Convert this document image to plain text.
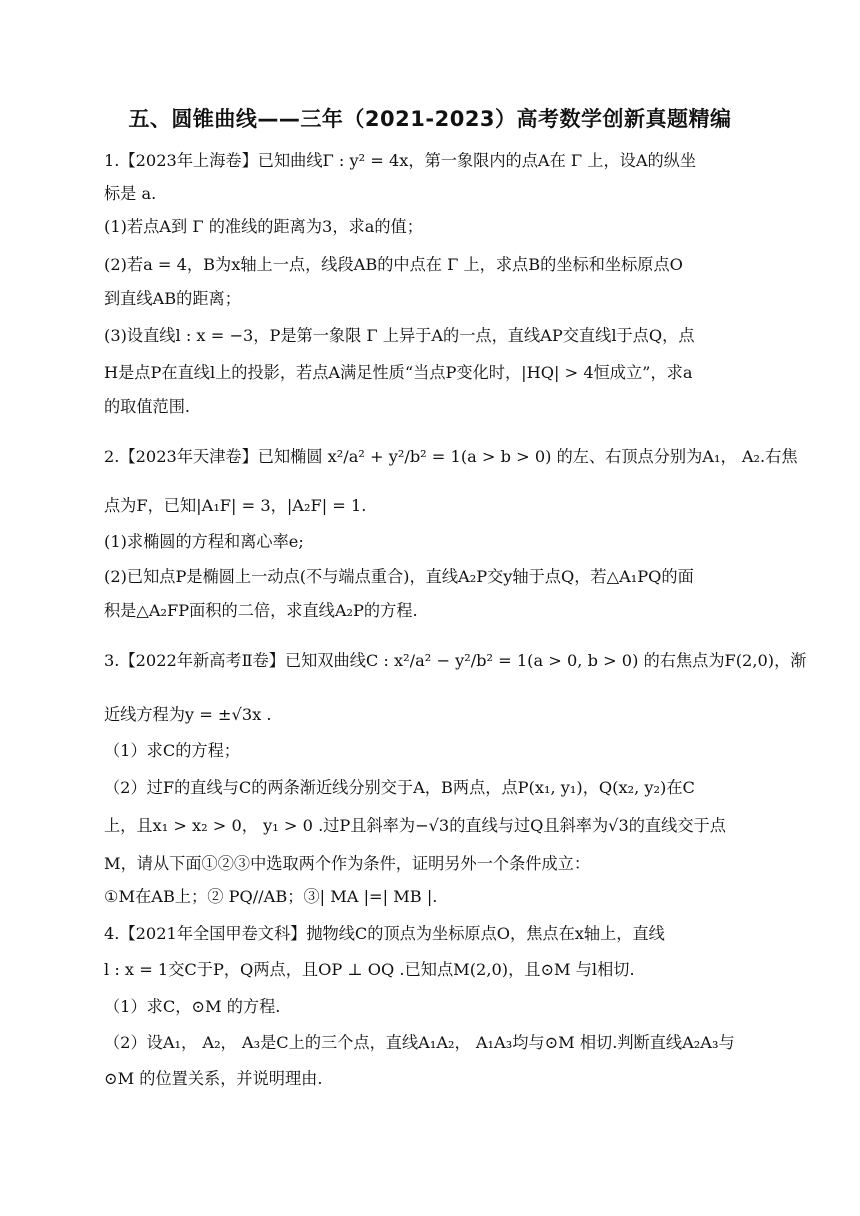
五、圆锥曲线——三年（2021-2023）高考数学创新真题精编
1.【2023年上海卷】已知曲线Γ : y² = 4x，第一象限内的点A在 Γ 上，设A的纵坐
标是 a.
(1)若点A到 Γ 的准线的距离为3，求a的值；
(2)若a = 4，B为x轴上一点，线段AB的中点在 Γ 上，求点B的坐标和坐标原点O
到直线AB的距离；
(3)设直线l : x = −3，P是第一象限 Γ 上异于A的一点，直线AP交直线l于点Q，点
H是点P在直线l上的投影，若点A满足性质“当点P变化时，|HQ| > 4恒成立”，求a
的取值范围.
2.【2023年天津卷】已知椭圆 x²/a² + y²/b² = 1(a > b > 0) 的左、右顶点分别为A₁， A₂.右焦
点为F，已知|A₁F| = 3，|A₂F| = 1.
(1)求椭圆的方程和离心率e;
(2)已知点P是椭圆上一动点(不与端点重合)，直线A₂P交y轴于点Q，若△A₁PQ的面
积是△A₂FP面积的二倍，求直线A₂P的方程.
3.【2022年新高考Ⅱ卷】已知双曲线C : x²/a² − y²/b² = 1(a > 0, b > 0) 的右焦点为F(2,0)，渐
近线方程为y = ±√3x .
（1）求C的方程；
（2）过F的直线与C的两条渐近线分别交于A，B两点，点P(x₁, y₁)，Q(x₂, y₂)在C
上，且x₁ > x₂ > 0， y₁ > 0 .过P且斜率为−√3的直线与过Q且斜率为√3的直线交于点
M，请从下面①②③中选取两个作为条件，证明另外一个条件成立：
①M在AB上；② PQ//AB；③| MA |=| MB |.
4.【2021年全国甲卷文科】抛物线C的顶点为坐标原点O，焦点在x轴上，直线
l : x = 1交C于P，Q两点，且OP ⊥ OQ .已知点M(2,0)，且⊙M 与l相切.
（1）求C，⊙M 的方程.
（2）设A₁， A₂， A₃是C上的三个点，直线A₁A₂， A₁A₃均与⊙M 相切.判断直线A₂A₃与
⊙M 的位置关系，并说明理由.
